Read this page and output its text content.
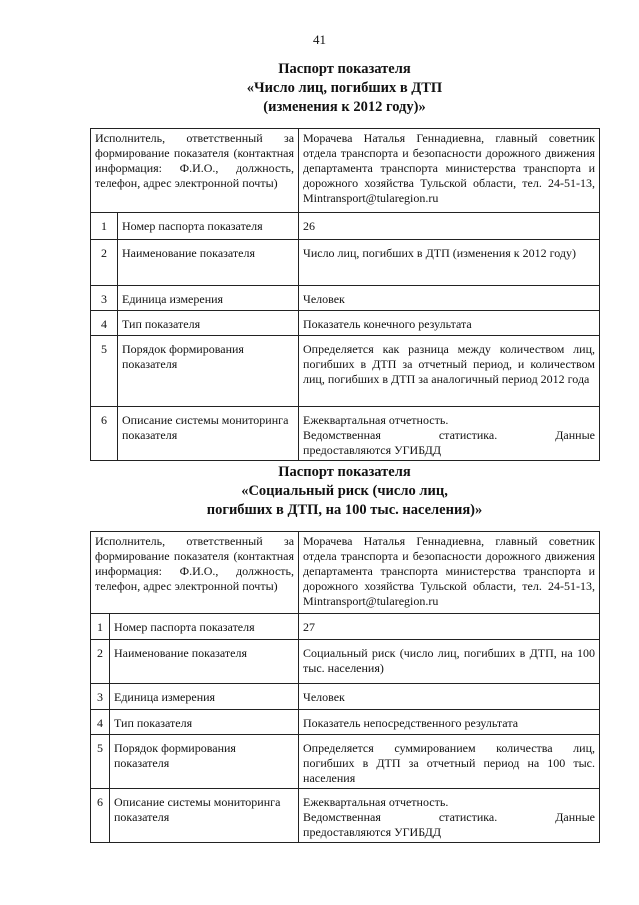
41
Паспорт показателя
«Число лиц, погибших в ДТП
(изменения к 2012 году)»
Исполнитель, ответственный за формирование показателя (контактная информация: Ф.И.О., должность, телефон, адрес электронной почты)		Морачева Наталья Геннадиевна, главный советник отдела транспорта и безопасности дорожного движения департамента транспорта министерства транспорта и дорожного хозяйства Тульской области, тел. 24-51-13, Mintransport@tularegion.ru
1	Номер паспорта показателя	26
2	Наименование показателя	Число лиц, погибших в ДТП (изменения к 2012 году)
3	Единица измерения	Человек
4	Тип показателя	Показатель конечного результата
5	Порядок формирования показателя	Определяется как разница между количеством лиц, погибших в ДТП за отчетный период, и количеством лиц, погибших в ДТП за аналогичный период 2012 года
6	Описание системы мониторинга показателя	Ежеквартальная отчетность.
Ведомственная статистика. Данные
предоставляются УГИБДД
Паспорт показателя
«Социальный риск (число лиц,
погибших в ДТП, на 100 тыс. населения)»
Исполнитель, ответственный за формирование показателя (контактная информация: Ф.И.О., должность, телефон, адрес электронной почты)		Морачева Наталья Геннадиевна, главный советник отдела транспорта и безопасности дорожного движения департамента транспорта министерства транспорта и дорожного хозяйства Тульской области, тел. 24-51-13, Mintransport@tularegion.ru
1	Номер паспорта показателя	27
2	Наименование показателя	Социальный риск (число лиц, погибших в ДТП, на 100 тыс. населения)
3	Единица измерения	Человек
4	Тип показателя	Показатель непосредственного результата
5	Порядок формирования показателя	Определяется суммированием количества лиц, погибших в ДТП за отчетный период на 100 тыс. населения
6	Описание системы мониторинга показателя	Ежеквартальная отчетность.
Ведомственная статистика. Данные
предоставляются УГИБДД
